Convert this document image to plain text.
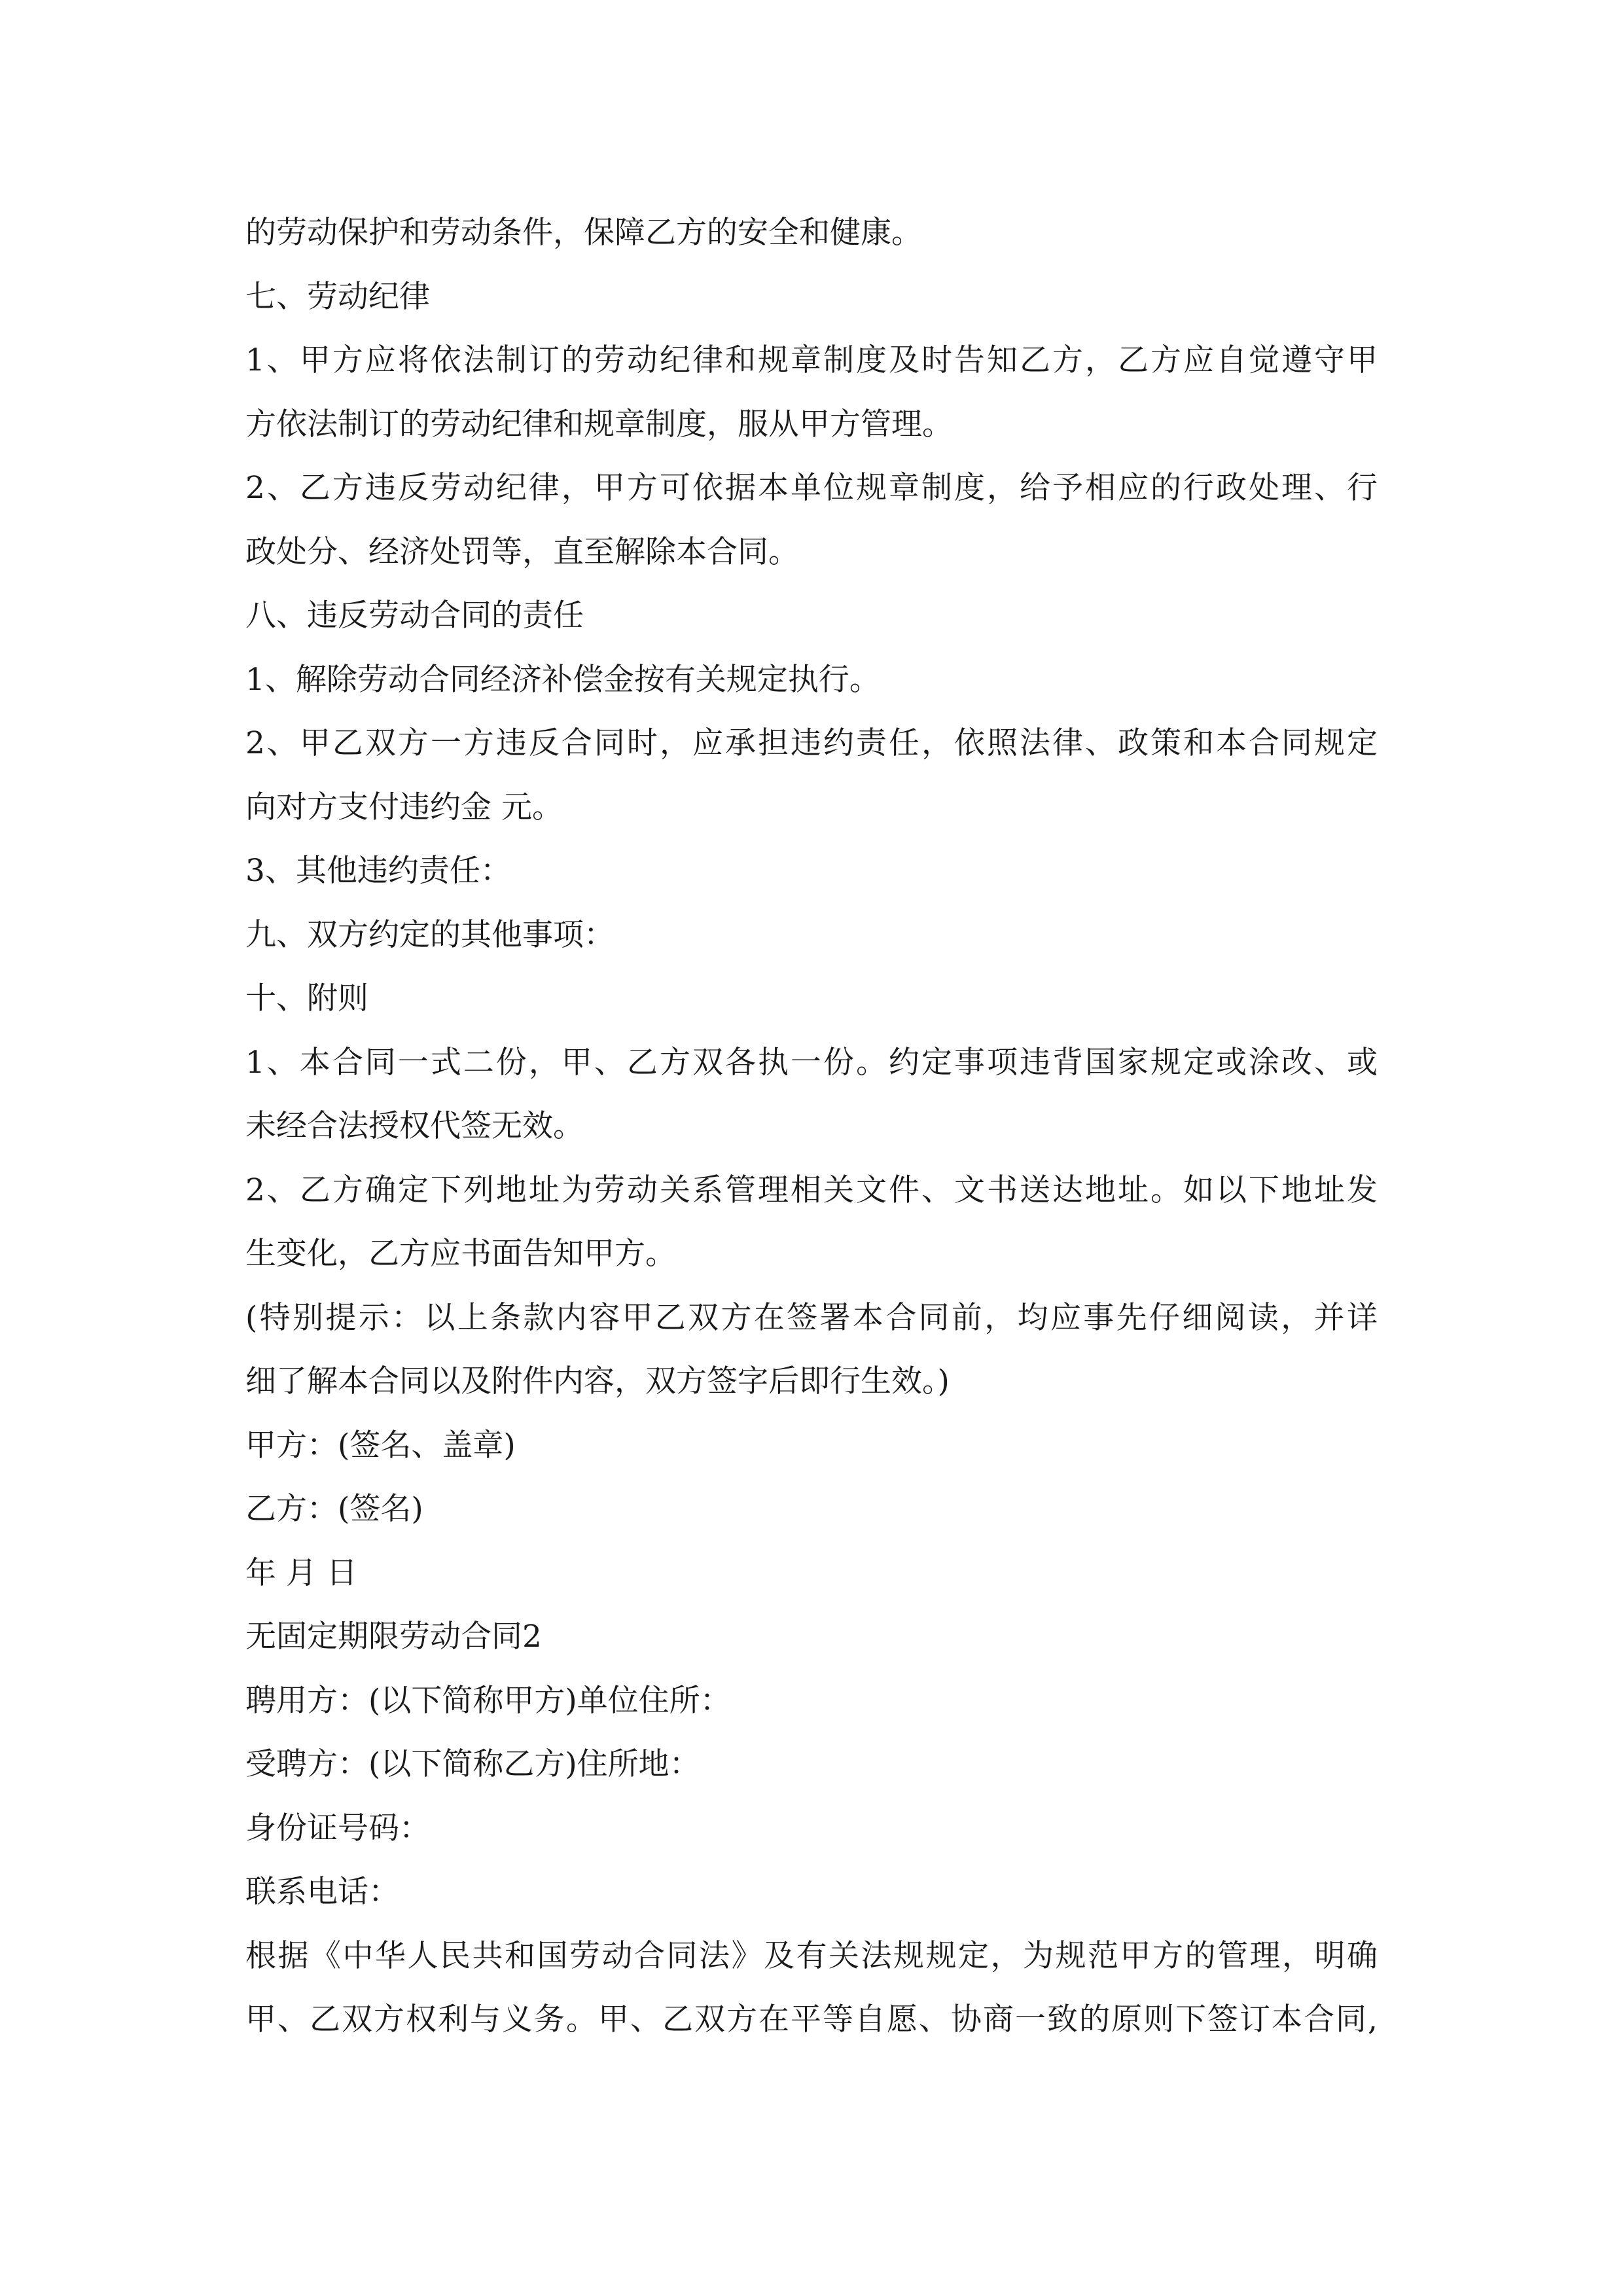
的劳动保护和劳动条件，保障乙方的安全和健康。
七、劳动纪律
1、甲方应将依法制订的劳动纪律和规章制度及时告知乙方，乙方应自觉遵守甲
方依法制订的劳动纪律和规章制度，服从甲方管理。
2、乙方违反劳动纪律，甲方可依据本单位规章制度，给予相应的行政处理、行
政处分、经济处罚等，直至解除本合同。
八、违反劳动合同的责任
1、解除劳动合同经济补偿金按有关规定执行。
2、甲乙双方一方违反合同时，应承担违约责任，依照法律、政策和本合同规定
向对方支付违约金 元。
3、其他违约责任：
九、双方约定的其他事项：
十、附则
1、本合同一式二份，甲、乙方双各执一份。约定事项违背国家规定或涂改、或
未经合法授权代签无效。
2、乙方确定下列地址为劳动关系管理相关文件、文书送达地址。如以下地址发
生变化，乙方应书面告知甲方。
(特别提示：以上条款内容甲乙双方在签署本合同前，均应事先仔细阅读，并详
细了解本合同以及附件内容，双方签字后即行生效。)
甲方：(签名、盖章)
乙方：(签名)
年 月 日
无固定期限劳动合同2
聘用方：(以下简称甲方)单位住所：
受聘方：(以下简称乙方)住所地：
身份证号码：
联系电话：
根据《中华人民共和国劳动合同法》及有关法规规定，为规范甲方的管理，明确
甲、乙双方权利与义务。甲、乙双方在平等自愿、协商一致的原则下签订本合同,
